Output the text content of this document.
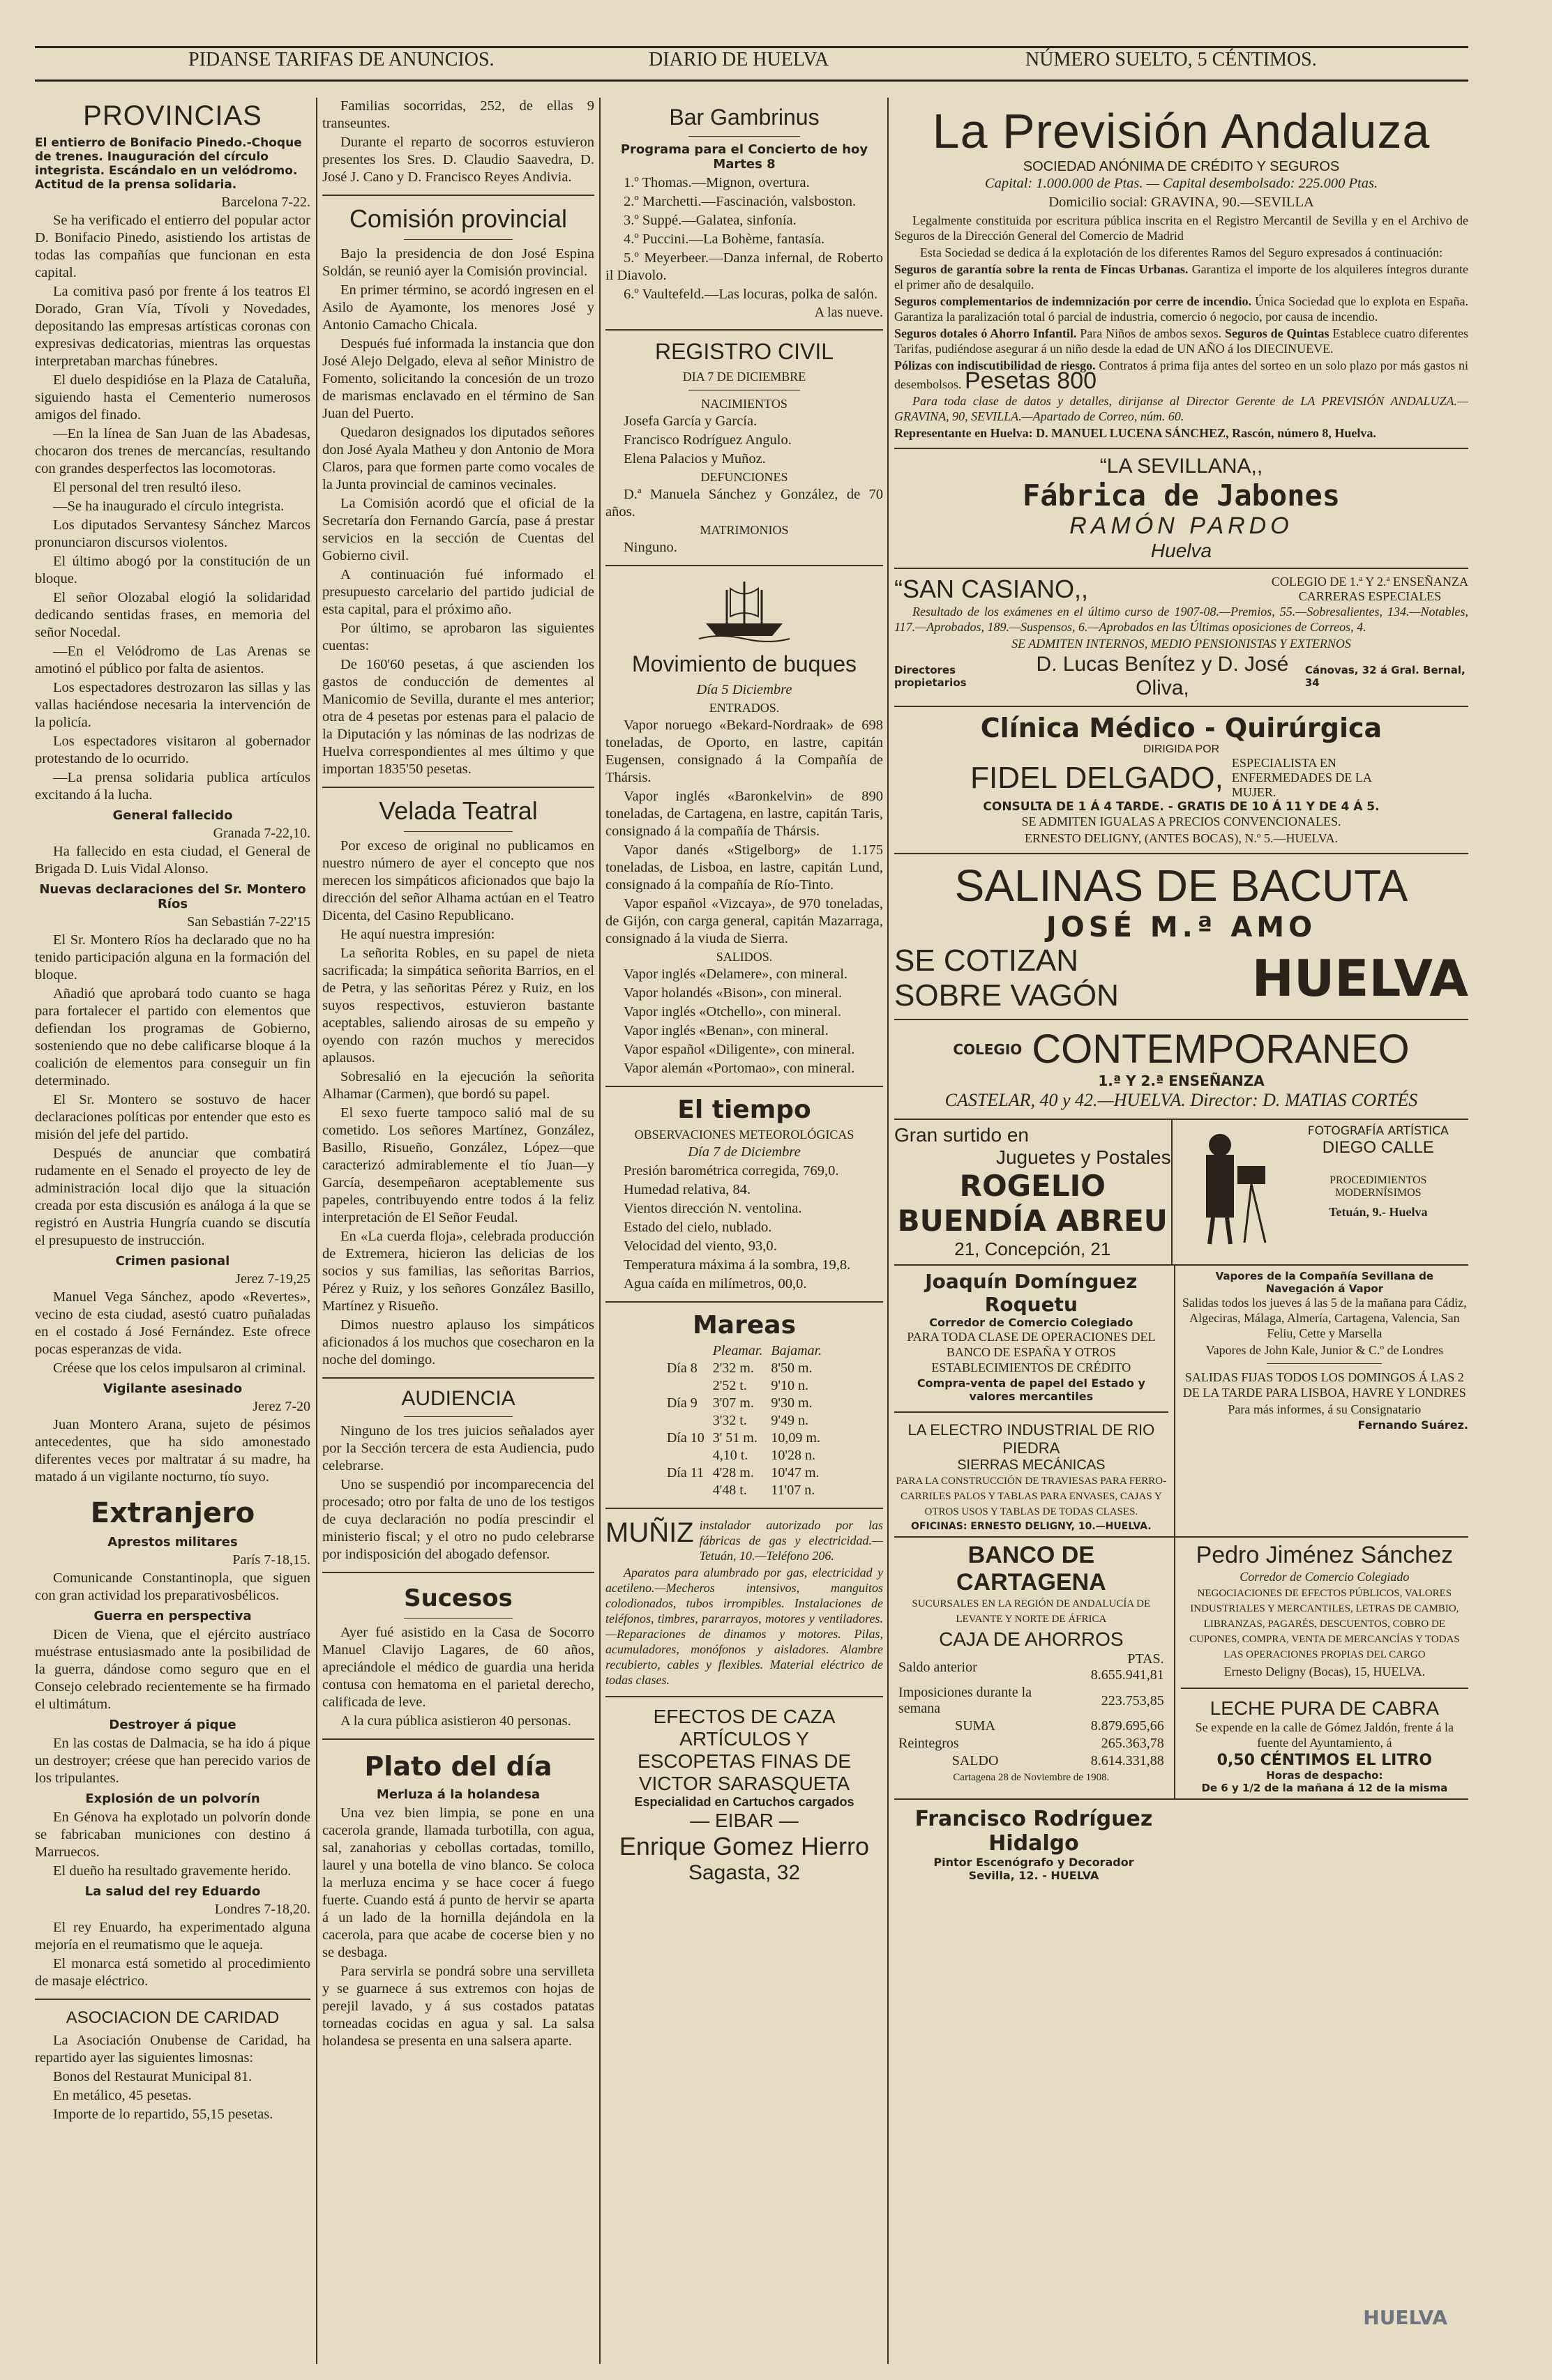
PIDANSE TARIFAS DE ANUNCIOS.	DIARIO DE HUELVA	NÚMERO SUELTO, 5 CÉNTIMOS.
PROVINCIAS
El entierro de Bonifacio Pinedo.-Choque de trenes. Inauguración del círculo integrista. Escándalo en un velódromo. Actitud de la prensa solidaria.
Barcelona 7-22.

Se ha verificado el entierro del popular actor D. Bonifacio Pinedo, asistiendo los artistas de todas las compañías que funcionan en esta capital.

La comitiva pasó por frente á los teatros El Dorado, Gran Vía, Tívoli y Novedades, depositando las empresas artísticas coronas con expresivas dedicatorias, mientras las orquestas interpretaban marchas fúnebres.

El duelo despidióse en la Plaza de Cataluña, siguiendo hasta el Cementerio numerosos amigos del finado.

—En la línea de San Juan de las Abadesas, chocaron dos trenes de mercancías, resultando con grandes desperfectos las locomotoras.

El personal del tren resultó ileso.

—Se ha inaugurado el círculo integrista.

Los diputados Servantesy Sánchez Marcos pronunciaron discursos violentos.

El último abogó por la constitución de un bloque.

El señor Olozabal elogió la solidaridad dedicando sentidas frases, en memoria del señor Nocedal.

—En el Velódromo de Las Arenas se amotinó el público por falta de asientos.

Los espectadores destrozaron las sillas y las vallas haciéndose necesaria la intervención de la policía.

Los espectadores visitaron al gobernador protestando de lo ocurrido.

—La prensa solidaria publica artículos excitando á la lucha.

General fallecido
Granada 7-22,10.

Ha fallecido en esta ciudad, el General de Brigada D. Luis Vidal Alonso.

Nuevas declaraciones del Sr. Montero Ríos
San Sebastián 7-22'15

El Sr. Montero Ríos ha declarado que no ha tenido participación alguna en la formación del bloque.

Añadió que aprobará todo cuanto se haga para fortalecer el partido con elementos que defiendan los programas de Gobierno, sosteniendo que no debe calificarse bloque á la coalición de elementos para conseguir un fin determinado.

El Sr. Montero se sostuvo de hacer declaraciones políticas por entender que esto es misión del jefe del partido.

Después de anunciar que combatirá rudamente en el Senado el proyecto de ley de administración local dijo que la situación creada por esta discusión es análoga á la que se registró en Austria Hungría cuando se discutía el presupuesto de instrucción.

Crimen pasional
Jerez 7-19,25

Manuel Vega Sánchez, apodo «Revertes», vecino de esta ciudad, asestó cuatro puñaladas en el costado á José Fernández. Este ofrece pocas esperanzas de vida.

Créese que los celos impulsaron al criminal.

Vigilante asesinado
Jerez 7-20

Juan Montero Arana, sujeto de pésimos antecedentes, que ha sido amonestado diferentes veces por maltratar á su madre, ha matado á un vigilante nocturno, tío suyo.

Extranjero
Aprestos militares
París 7-18,15.

Comunicande Constantinopla, que siguen con gran actividad los preparativosbélicos.

Guerra en perspectiva

Dicen de Viena, que el ejército austríaco muéstrase entusiasmado ante la posibilidad de la guerra, dándose como seguro que en el Consejo celebrado recientemente se ha firmado el ultimátum.

Destroyer á pique

En las costas de Dalmacia, se ha ido á pique un destroyer; créese que han perecido varios de los tripulantes.

Explosión de un polvorín

En Génova ha explotado un polvorín donde se fabricaban municiones con destino á Marruecos.

El dueño ha resultado gravemente herido.

La salud del rey Eduardo
Londres 7-18,20.

El rey Enuardo, ha experimentado alguna mejoría en el reumatismo que le aqueja.

El monarca está sometido al procedimiento de masaje eléctrico.

ASOCIACION DE CARIDAD

La Asociación Onubense de Caridad, ha repartido ayer las siguientes limosnas:

Bonos del Restaurat Municipal 81.

En metálico, 45 pesetas.

Importe de lo repartido, 55,15 pesetas.

Familias socorridas, 252, de ellas 9 transeuntes.

Durante el reparto de socorros estuvieron presentes los Sres. D. Claudio Saavedra, D. José J. Cano y D. Francisco Reyes Andivia.

Comisión provincial

Bajo la presidencia de don José Espina Soldán, se reunió ayer la Comisión provincial.

En primer término, se acordó ingresen en el Asilo de Ayamonte, los menores José y Antonio Camacho Chicala.

Después fué informada la instancia que don José Alejo Delgado, eleva al señor Ministro de Fomento, solicitando la concesión de un trozo de marismas enclavado en el término de San Juan del Puerto.

Quedaron designados los diputados señores don José Ayala Matheu y don Antonio de Mora Claros, para que formen parte como vocales de la Junta provincial de caminos vecinales.

La Comisión acordó que el oficial de la Secretaría don Fernando García, pase á prestar servicios en la sección de Cuentas del Gobierno civil.

A continuación fué informado el presupuesto carcelario del partido judicial de esta capital, para el próximo año.

Por último, se aprobaron las siguientes cuentas:

De 160'60 pesetas, á que ascienden los gastos de conducción de dementes al Manicomio de Sevilla, durante el mes anterior; otra de 4 pesetas por estenas para el palacio de la Diputación y las nóminas de las nodrizas de Huelva correspondientes al mes último y que importan 1835'50 pesetas.

Velada Teatral

Por exceso de original no publicamos en nuestro número de ayer el concepto que nos merecen los simpáticos aficionados que bajo la dirección del señor Alhama actúan en el Teatro Dicenta, del Casino Republicano.

He aquí nuestra impresión:

La señorita Robles, en su papel de nieta sacrificada; la simpática señorita Barrios, en el de Petra, y las señoritas Pérez y Ruiz, en los suyos respectivos, estuvieron bastante aceptables, saliendo airosas de su empeño y oyendo con razón muchos y merecidos aplausos.

Sobresalió en la ejecución la señorita Alhamar (Carmen), que bordó su papel.

El sexo fuerte tampoco salió mal de su cometido. Los señores Martínez, González, Basillo, Risueño, González, López—que caracterizó admirablemente el tío Juan—y García, desempeñaron aceptablemente sus papeles, contribuyendo entre todos á la feliz interpretación de El Señor Feudal.

En «La cuerda floja», celebrada producción de Extremera, hicieron las delicias de los socios y sus familias, las señoritas Barrios, Pérez y Ruiz, y los señores González Basillo, Martínez y Risueño.

Dimos nuestro aplauso los simpáticos aficionados á los muchos que cosecharon en la noche del domingo.

AUDIENCIA

Ninguno de los tres juicios señalados ayer por la Sección tercera de esta Audiencia, pudo celebrarse.

Uno se suspendió por incomparecencia del procesado; otro por falta de uno de los testigos de cuya declaración no podía prescindir el ministerio fiscal; y el otro no pudo celebrarse por indisposición del abogado defensor.

Sucesos

Ayer fué asistido en la Casa de Socorro Manuel Clavijo Lagares, de 60 años, apreciándole el médico de guardia una herida contusa con hematoma en el parietal derecho, calificada de leve.

A la cura pública asistieron 40 personas.

Plato del día
Merluza á la holandesa

Una vez bien limpia, se pone en una cacerola grande, llamada turbotilla, con agua, sal, zanahorias y cebollas cortadas, tomillo, laurel y una botella de vino blanco. Se coloca la merluza encima y se hace cocer á fuego fuerte. Cuando está á punto de hervir se aparta á un lado de la hornilla dejándola en la cacerola, para que acabe de cocerse bien y no se desbaga.

Para servirla se pondrá sobre una servilleta y se guarnece á sus extremos con hojas de perejil lavado, y á sus costados patatas torneadas cocidas en agua y sal. La salsa holandesa se presenta en una salsera aparte.

Bar Gambrinus
Programa para el Concierto de hoy Martes 8

1.º Thomas.—Mignon, overtura.

2.º Marchetti.—Fascinación, valsboston.

3.º Suppé.—Galatea, sinfonía.

4.º Puccini.—La Bohème, fantasía.

5.º Meyerbeer.—Danza infernal, de Roberto il Diavolo.

6.º Vaultefeld.—Las locuras, polka de salón.

A las nueve.
REGISTRO CIVIL

DIA 7 DE DICIEMBRE

NACIMIENTOS

Josefa García y García.

Francisco Rodríguez Angulo.

Elena Palacios y Muñoz.

DEFUNCIONES

D.ª Manuela Sánchez y González, de 70 años.

MATRIMONIOS

Ninguno.

Movimiento de buques

Día 5 Diciembre

ENTRADOS.

Vapor noruego «Bekard-Nordraak» de 698 toneladas, de Oporto, en lastre, capitán Eugensen, consignado á la Compañía de Thársis.

Vapor inglés «Baronkelvin» de 890 toneladas, de Cartagena, en lastre, capitán Taris, consignado á la compañía de Thársis.

Vapor danés «Stigelborg» de 1.175 toneladas, de Lisboa, en lastre, capitán Lund, consignado á la compañía de Río-Tinto.

Vapor español «Vizcaya», de 970 toneladas, de Gijón, con carga general, capitán Mazarraga, consignado á la viuda de Sierra.

SALIDOS.

Vapor inglés «Delamere», con mineral.

Vapor holandés «Bison», con mineral.

Vapor inglés «Otchello», con mineral.

Vapor inglés «Benan», con mineral.

Vapor español «Diligente», con mineral.

Vapor alemán «Portomao», con mineral.

El tiempo

OBSERVACIONES METEOROLÓGICAS

Día 7 de Diciembre

Presión barométrica corregida, 769,0.

Humedad relativa, 84.

Vientos dirección N. ventolina.

Estado del cielo, nublado.

Velocidad del viento, 93,0.

Temperatura máxima á la sombra, 19,8.

Agua caída en milímetros, 00,0.

Mareas
	Pleamar.	Bajamar.
Día 8	2'32 m.	8'50 m.
	2'52 t.	9'10 n.
Día 9	3'07 m.	9'30 m.
	3'32 t.	9'49 n.
Día 10	3' 51 m.	10,09 m.
	4,10 t.	10'28 n.
Día 11	4'28 m.	10'47 m.
	4'48 t.	11'07 n.
MUÑIZ instalador autorizado por las fábricas de gas y electricidad.—Tetuán, 10.—Teléfono 206.

Aparatos para alumbrado por gas, electricidad y acetileno.—Mecheros intensivos, manguitos colodionados, tubos irrompibles. Instalaciones de teléfonos, timbres, pararrayos, motores y ventiladores.—Reparaciones de dinamos y motores. Pilas, acumuladores, monófonos y aisladores. Alambre recubierto, cables y flexibles. Material eléctrico de todas clases.

EFECTOS DE CAZA
ARTÍCULOS Y
ESCOPETAS FINAS DE
VICTOR SARASQUETA
Especialidad en Cartuchos cargados
— EIBAR —
Enrique Gomez Hierro
Sagasta, 32
La Previsión Andaluza
SOCIEDAD ANÓNIMA DE CRÉDITO Y SEGUROS

Capital: 1.000.000 de Ptas. — Capital desembolsado: 225.000 Ptas.

Domicilio social: GRAVINA, 90.—SEVILLA

Legalmente constituida por escritura pública inscrita en el Registro Mercantil de Sevilla y en el Archivo de Seguros de la Dirección General del Comercio de Madrid

Esta Sociedad se dedica á la explotación de los diferentes Ramos del Seguro expresados á continuación:

Seguros de garantía sobre la renta de Fincas Urbanas. Garantiza el importe de los alquileres íntegros durante el primer año de desalquilo.

Seguros complementarios de indemnización por cerre de incendio. Única Sociedad que lo explota en España. Garantiza la paralización total ó parcial de industria, comercio ó negocio, por causa de incendio.

Seguros dotales ó Ahorro Infantil. Para Niños de ambos sexos. Seguros de Quintas Establece cuatro diferentes Tarifas, pudiéndose asegurar á un niño desde la edad de UN AÑO á los DIECINUEVE.

Pólizas con indiscutibilidad de riesgo. Contratos á prima fija antes del sorteo en un solo plazo por más gastos ni desembolsos. Pesetas 800

Para toda clase de datos y detalles, dirijanse al Director Gerente de LA PREVISIÓN ANDALUZA.—GRAVINA, 90, SEVILLA.—Apartado de Correo, núm. 60.

Representante en Huelva: D. MANUEL LUCENA SÁNCHEZ, Rascón, número 8, Huelva.

“LA SEVILLANA,,
Fábrica de Jabones
RAMÓN PARDO
Huelva
“SAN CASIANO,,	COLEGIO DE 1.ª Y 2.ª ENSEÑANZA
CARRERAS ESPECIALES

Resultado de los exámenes en el último curso de 1907-08.—Premios, 55.—Sobresalientes, 134.—Notables, 117.—Aprobados, 189.—Suspensos, 6.—Aprobados en las Últimas oposiciones de Correos, 4.

SE ADMITEN INTERNOS, MEDIO PENSIONISTAS Y EXTERNOS

Directores propietarios
D. Lucas Benítez y D. José Oliva,
Cánovas, 32 á Gral. Bernal, 34
Clínica Médico - Quirúrgica
DIRIGIDA POR
FIDEL DELGADO, ESPECIALISTA EN ENFERMEDADES DE LA MUJER.
CONSULTA DE 1 Á 4 TARDE. - GRATIS DE 10 Á 11 Y DE 4 Á 5.

SE ADMITEN IGUALAS A PRECIOS CONVENCIONALES.

ERNESTO DELIGNY, (ANTES BOCAS), N.º 5.—HUELVA.

SALINAS DE BACUTA
JOSÉ M.ª AMO
SE COTIZAN
SOBRE VAGÓN	HUELVA
COLEGIO CONTEMPORANEO
1.ª Y 2.ª ENSEÑANZA

CASTELAR, 40 y 42.—HUELVA. Director: D. MATIAS CORTÉS

Gran surtido en
Juguetes y Postales
ROGELIO BUENDÍA ABREU
21, Concepción, 21
FOTOGRAFÍA ARTÍSTICA
DIEGO CALLE
PROCEDIMIENTOS MODERNÍSIMOS
Tetuán, 9.- Huelva
Joaquín Domínguez Roquetu
Corredor de Comercio Colegiado

PARA TODA CLASE DE OPERACIONES DEL BANCO DE ESPAÑA Y OTROS ESTABLECIMIENTOS DE CRÉDITO

Compra-venta de papel del Estado y valores mercantiles
LA ELECTRO INDUSTRIAL DE RIO PIEDRA
SIERRAS MECÁNICAS

PARA LA CONSTRUCCIÓN DE TRAVIESAS PARA FERRO-CARRILES PALOS Y TABLAS PARA ENVASES, CAJAS Y OTROS USOS Y TABLAS DE TODAS CLASES.

OFICINAS: ERNESTO DELIGNY, 10.—HUELVA.
Vapores de la Compañía Sevillana de Navegación á Vapor

Salidas todos los jueves á las 5 de la mañana para Cádiz, Algeciras, Málaga, Almería, Cartagena, Valencia, San Feliu, Cette y Marsella

Vapores de John Kale, Junior & C.º de Londres

SALIDAS FIJAS TODOS LOS DOMINGOS Á LAS 2 DE LA TARDE PARA LISBOA, HAVRE Y LONDRES

Para más informes, á su Consignatario

Fernando Suárez.
BANCO DE CARTAGENA

SUCURSALES EN LA REGIÓN DE ANDALUCÍA DE LEVANTE Y NORTE DE ÁFRICA

CAJA DE AHORROS
Saldo anterior	PTAS. 8.655.941,81
Imposiciones durante la semana	223.753,85
SUMA	8.879.695,66
Reintegros	265.363,78
SALDO	8.614.331,88

Cartagena 28 de Noviembre de 1908.

Pedro Jiménez Sánchez

Corredor de Comercio Colegiado

NEGOCIACIONES DE EFECTOS PÚBLICOS, VALORES INDUSTRIALES Y MERCANTILES, LETRAS DE CAMBIO, LIBRANZAS, PAGARÉS, DESCUENTOS, COBRO DE CUPONES, COMPRA, VENTA DE MERCANCÍAS Y TODAS LAS OPERACIONES PROPIAS DEL CARGO

Ernesto Deligny (Bocas), 15, HUELVA.

LECHE PURA DE CABRA

Se expende en la calle de Gómez Jaldón, frente á la fuente del Ayuntamiento, á

0,50 CÉNTIMOS EL LITRO
Horas de despacho:
De 6 y 1/2 de la mañana á 12 de la misma
Francisco Rodríguez Hidalgo
Pintor Escenógrafo y Decorador
Sevilla, 12. - HUELVA
HUELVA
